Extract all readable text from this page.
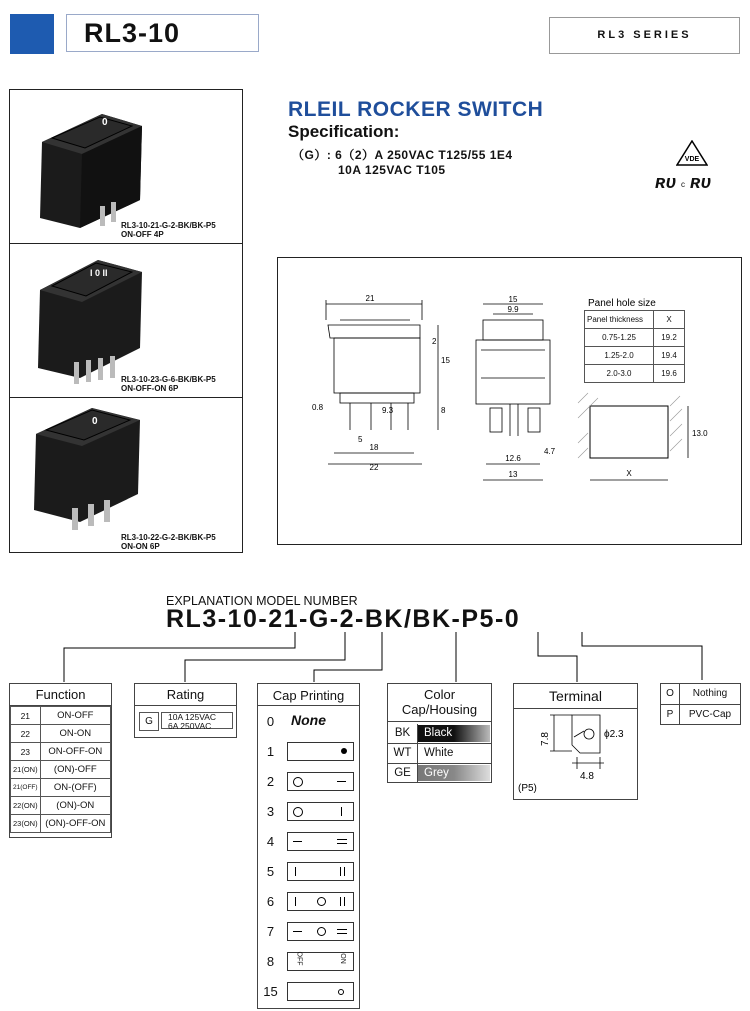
RL3-10	RL3 SERIES
0
RL3-10-21-G-2-BK/BK-P5
ON-OFF 4P
I 0 II
RL3-10-23-G-6-BK/BK-P5
ON-OFF-ON 6P
0
RL3-10-22-G-2-BK/BK-P5
ON-ON 6P
RLEIL ROCKER SWITCH
Specification:
（G）: 6（2）A 250VAC T125/55 1E4
10A 125VAC T105
VDE
ʀᴜ c ʀᴜ
21
2
15
8
0.8	9.3
5
18
22
15
9.9
12.6
4.7
13
13.0
X
Panel hole size
Panel thickness	X
0.75-1.25	19.2
1.25-2.0	19.4
2.0-3.0	19.6
EXPLANATION MODEL NUMBER
RL3-10-21-G-2-BK/BK-P5-0
Function
21	ON-OFF
22	ON-ON
23	ON-OFF-ON
21(ON)	(ON)-OFF
21(OFF)	ON-(OFF)
22(ON)	(ON)-ON
23(ON)	(ON)-OFF-ON
Rating
G	10A 125VAC
6A 250VAC
Cap Printing
0	None
1
2
3
4
5
6
7
8	OFF	ON
15
Color
Cap/Housing
BK	Black
WT	White
GE	Grey
Terminal
7.8	ϕ2.3
4.8
(P5)
O	Nothing
P	PVC-Cap
